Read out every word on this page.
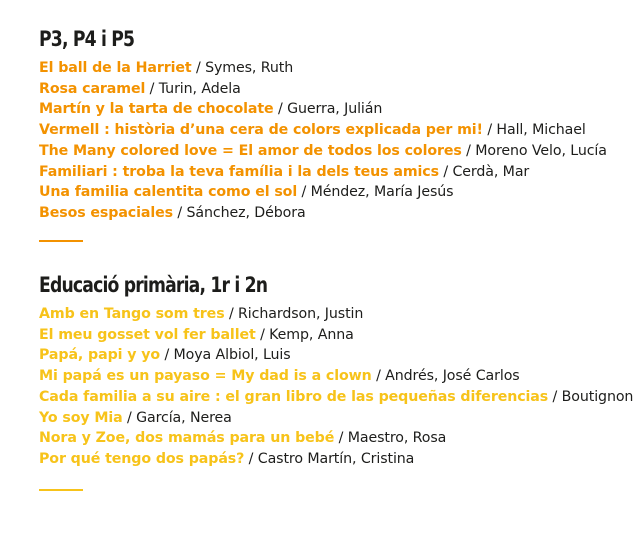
P3, P4 i P5
El ball de la Harriet / Symes, Ruth
Rosa caramel / Turin, Adela
Martín y la tarta de chocolate / Guerra, Julián
Vermell : història d’una cera de colors explicada per mi! / Hall, Michael
The Many colored love = El amor de todos los colores / Moreno Velo, Lucía
Familiari : troba la teva família i la dels teus amics / Cerdà, Mar
Una familia calentita como el sol / Méndez, María Jesús
Besos espaciales / Sánchez, Débora
Educació primària, 1r i 2n
Amb en Tango som tres / Richardson, Justin
El meu gosset vol fer ballet / Kemp, Anna
Papá, papi y yo / Moya Albiol, Luis
Mi papá es un payaso = My dad is a clown / Andrés, José Carlos
Cada familia a su aire : el gran libro de las pequeñas diferencias / Boutignon
Yo soy Mia / García, Nerea
Nora y Zoe, dos mamás para un bebé / Maestro, Rosa
Por qué tengo dos papás? / Castro Martín, Cristina
